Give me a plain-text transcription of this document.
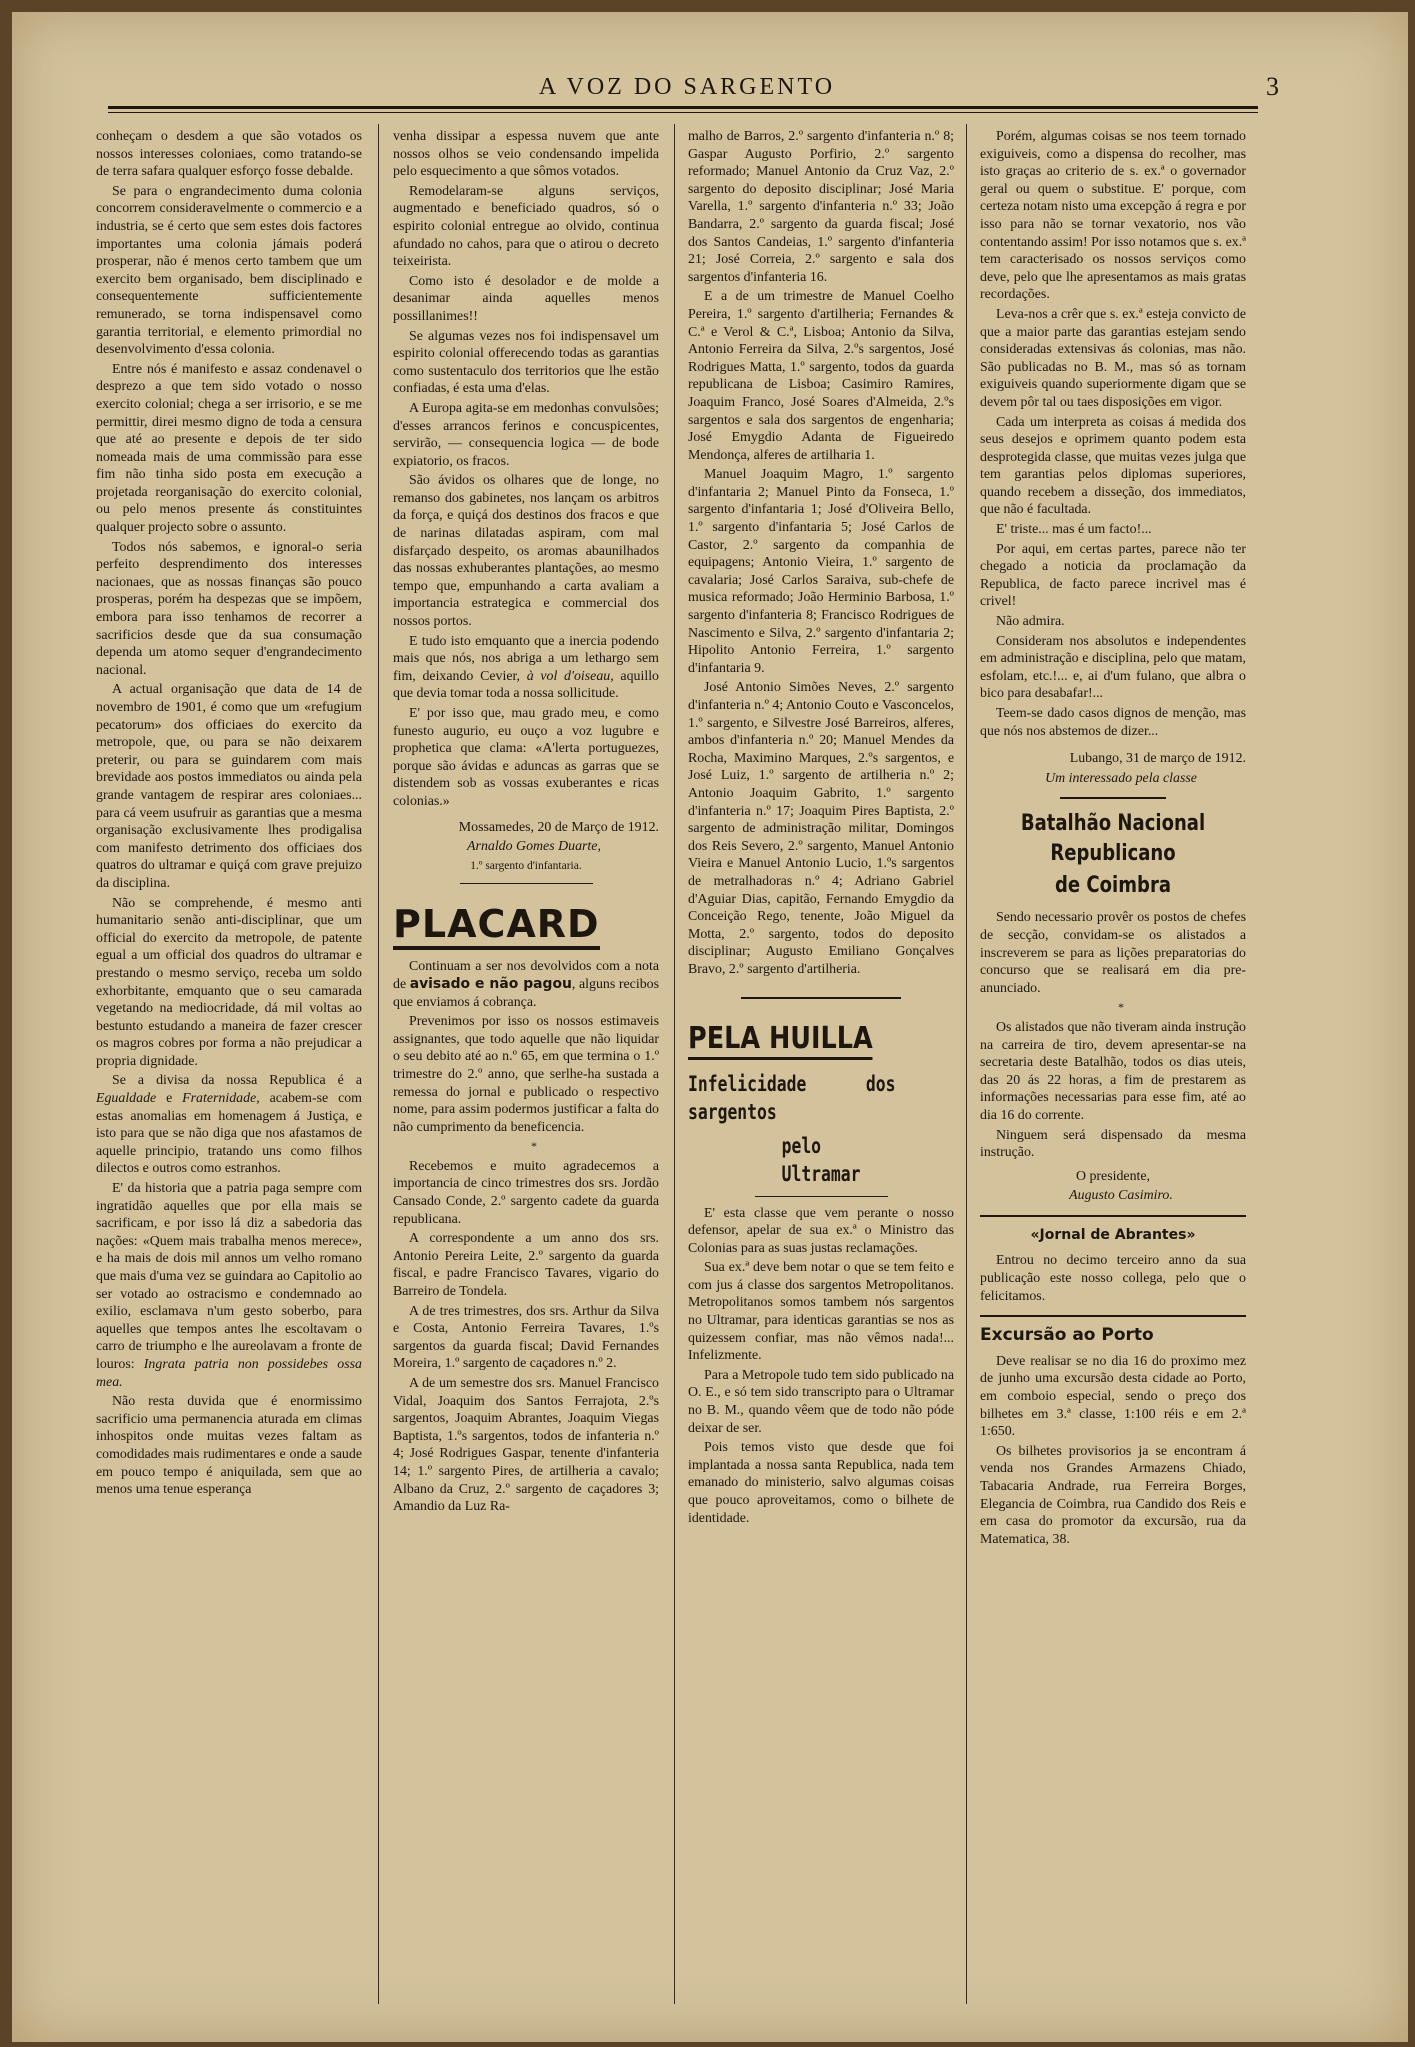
A VOZ DO SARGENTO	3

conheçam o desdem a que são votados os nossos interesses coloniaes, como tratando-se de terra safara qualquer esforço fosse debalde.

Se para o engrandecimento duma colonia concorrem consideravelmente o commercio e a industria, se é certo que sem estes dois factores importantes uma colonia jámais poderá prosperar, não é menos certo tambem que um exercito bem organisado, bem disciplinado e consequentemente sufficientemente remunerado, se torna indispensavel como garantia territorial, e elemento primordial no desenvolvimento d'essa colonia.

Entre nós é manifesto e assaz condenavel o desprezo a que tem sido votado o nosso exercito colonial; chega a ser irrisorio, e se me permittir, direi mesmo digno de toda a censura que até ao presente e depois de ter sido nomeada mais de uma commissão para esse fim não tinha sido posta em execução a projetada reorganisação do exercito colonial, ou pelo menos presente ás constituintes qualquer projecto sobre o assunto.

Todos nós sabemos, e ignoral-o seria perfeito desprendimento dos interesses nacionaes, que as nossas finanças são pouco prosperas, porém ha despezas que se impõem, embora para isso tenhamos de recorrer a sacrificios desde que da sua consumação dependa um atomo sequer d'engrandecimento nacional.

A actual organisação que data de 14 de novembro de 1901, é como que um «refugium pecatorum» dos officiaes do exercito da metropole, que, ou para se não deixarem preterir, ou para se guindarem com mais brevidade aos postos immediatos ou ainda pela grande vantagem de respirar ares coloniaes... para cá veem usufruir as garantias que a mesma organisação exclusivamente lhes prodigalisa com manifesto detrimento dos officiaes dos quatros do ultramar e quiçá com grave prejuizo da disciplina.

Não se comprehende, é mesmo anti humanitario senão anti-disciplinar, que um official do exercito da metropole, de patente egual a um official dos quadros do ultramar e prestando o mesmo serviço, receba um soldo exhorbitante, emquanto que o seu camarada vegetando na mediocridade, dá mil voltas ao bestunto estudando a maneira de fazer crescer os magros cobres por forma a não prejudicar a propria dignidade.

Se a divisa da nossa Republica é a Egualdade e Fraternidade, acabem-se com estas anomalias em homenagem á Justiça, e isto para que se não diga que nos afastamos de aquelle principio, tratando uns como filhos dilectos e outros como estranhos.

E' da historia que a patria paga sempre com ingratidão aquelles que por ella mais se sacrificam, e por isso lá diz a sabedoria das nações: «Quem mais trabalha menos merece», e ha mais de dois mil annos um velho romano que mais d'uma vez se guindara ao Capitolio ao ser votado ao ostracismo e condemnado ao exilio, esclamava n'um gesto soberbo, para aquelles que tempos antes lhe escoltavam o carro de triumpho e lhe aureolavam a fronte de louros: Ingrata patria non possidebes ossa mea.

Não resta duvida que é enormissimo sacrificio uma permanencia aturada em climas inhospitos onde muitas vezes faltam as comodidades mais rudimentares e onde a saude em pouco tempo é aniquilada, sem que ao menos uma tenue esperança

venha dissipar a espessa nuvem que ante nossos olhos se veio condensando impelida pelo esquecimento a que sômos votados.

Remodelaram-se alguns serviços, augmentado e beneficiado quadros, só o espirito colonial entregue ao olvido, continua afundado no cahos, para que o atirou o decreto teixeirista.

Como isto é desolador e de molde a desanimar ainda aquelles menos possillanimes!!

Se algumas vezes nos foi indispensavel um espirito colonial offerecendo todas as garantias como sustentaculo dos territorios que lhe estão confiadas, é esta uma d'elas.

A Europa agita-se em medonhas convulsões; d'esses arrancos ferinos e concuspicentes, servirão, — consequencia logica — de bode expiatorio, os fracos.

São ávidos os olhares que de longe, no remanso dos gabinetes, nos lançam os arbitros da força, e quiçá dos destinos dos fracos e que de narinas dilatadas aspiram, com mal disfarçado despeito, os aromas abaunilhados das nossas exhuberantes plantações, ao mesmo tempo que, empunhando a carta avaliam a importancia estrategica e commercial dos nossos portos.

E tudo isto emquanto que a inercia podendo mais que nós, nos abriga a um lethargo sem fim, deixando Cevier, à vol d'oiseau, aquillo que devia tomar toda a nossa sollicitude.

E' por isso que, mau grado meu, e como funesto augurio, eu ouço a voz lugubre e prophetica que clama: «A'lerta portuguezes, porque são ávidas e aduncas as garras que se distendem sob as vossas exuberantes e ricas colonias.»

Mossamedes, 20 de Março de 1912.

Arnaldo Gomes Duarte,

1.º sargento d'infantaria.

PLACARD

Continuam a ser nos devolvidos com a nota de avisado e não pagou, alguns recibos que enviamos á cobrança.

Prevenimos por isso os nossos estimaveis assignantes, que todo aquelle que não liquidar o seu debito até ao n.º 65, em que termina o 1.º trimestre do 2.º anno, que serlhe-ha sustada a remessa do jornal e publicado o respectivo nome, para assim podermos justificar a falta do não cumprimento da beneficencia.

*

Recebemos e muito agradecemos a importancia de cinco trimestres dos srs. Jordão Cansado Conde, 2.º sargento cadete da guarda republicana.

A correspondente a um anno dos srs. Antonio Pereira Leite, 2.º sargento da guarda fiscal, e padre Francisco Tavares, vigario do Barreiro de Tondela.

A de tres trimestres, dos srs. Arthur da Silva e Costa, Antonio Ferreira Tavares, 1.ºs sargentos da guarda fiscal; David Fernandes Moreira, 1.º sargento de caçadores n.º 2.

A de um semestre dos srs. Manuel Francisco Vidal, Joaquim dos Santos Ferrajota, 2.ºs sargentos, Joaquim Abrantes, Joaquim Viegas Baptista, 1.ºs sargentos, todos de infanteria n.º 4; José Rodrigues Gaspar, tenente d'infanteria 14; 1.º sargento Pires, de artilheria a cavalo; Albano da Cruz, 2.º sargento de caçadores 3; Amandio da Luz Ra-

malho de Barros, 2.º sargento d'infanteria n.º 8; Gaspar Augusto Porfirio, 2.º sargento reformado; Manuel Antonio da Cruz Vaz, 2.º sargento do deposito disciplinar; José Maria Varella, 1.º sargento d'infanteria n.º 33; João Bandarra, 2.º sargento da guarda fiscal; José dos Santos Candeias, 1.º sargento d'infanteria 21; José Correia, 2.º sargento e sala dos sargentos d'infanteria 16.

E a de um trimestre de Manuel Coelho Pereira, 1.º sargento d'artilheria; Fernandes & C.ª e Verol & C.ª, Lisboa; Antonio da Silva, Antonio Ferreira da Silva, 2.ºs sargentos, José Rodrigues Matta, 1.º sargento, todos da guarda republicana de Lisboa; Casimiro Ramires, Joaquim Franco, José Soares d'Almeida, 2.ºs sargentos e sala dos sargentos de engenharia; José Emygdio Adanta de Figueiredo Mendonça, alferes de artilharia 1.

Manuel Joaquim Magro, 1.º sargento d'infantaria 2; Manuel Pinto da Fonseca, 1.º sargento d'infantaria 1; José d'Oliveira Bello, 1.º sargento d'infantaria 5; José Carlos de Castor, 2.º sargento da companhia de equipagens; Antonio Vieira, 1.º sargento de cavalaria; José Carlos Saraiva, sub-chefe de musica reformado; João Herminio Barbosa, 1.º sargento d'infanteria 8; Francisco Rodrigues de Nascimento e Silva, 2.º sargento d'infantaria 2; Hipolito Antonio Ferreira, 1.º sargento d'infantaria 9.

José Antonio Simões Neves, 2.º sargento d'infanteria n.º 4; Antonio Couto e Vasconcelos, 1.º sargento, e Silvestre José Barreiros, alferes, ambos d'infanteria n.º 20; Manuel Mendes da Rocha, Maximino Marques, 2.ºs sargentos, e José Luiz, 1.º sargento de artilheria n.º 2; Antonio Joaquim Gabrito, 1.º sargento d'infanteria n.º 17; Joaquim Pires Baptista, 2.º sargento de administração militar, Domingos dos Reis Severo, 2.º sargento, Manuel Antonio Vieira e Manuel Antonio Lucio, 1.ºs sargentos de metralhadoras n.º 4; Adriano Gabriel d'Aguiar Dias, capitão, Fernando Emygdio da Conceição Rego, tenente, João Miguel da Motta, 2.º sargento, todos do deposito disciplinar; Augusto Emiliano Gonçalves Bravo, 2.º sargento d'artilheria.

PELA HUILLA
Infelicidade dos sargentos
pelo Ultramar

E' esta classe que vem perante o nosso defensor, apelar de sua ex.ª o Ministro das Colonias para as suas justas reclamações.

Sua ex.ª deve bem notar o que se tem feito e com jus á classe dos sargentos Metropolitanos. Metropolitanos somos tambem nós sargentos no Ultramar, para identicas garantias se nos as quizessem confiar, mas não vêmos nada!... Infelizmente.

Para a Metropole tudo tem sido publicado na O. E., e só tem sido transcripto para o Ultramar no B. M., quando vêem que de todo não póde deixar de ser.

Pois temos visto que desde que foi implantada a nossa santa Republica, nada tem emanado do ministerio, salvo algumas coisas que pouco aproveitamos, como o bilhete de identidade.

Porém, algumas coisas se nos teem tornado exiguiveis, como a dispensa do recolher, mas isto graças ao criterio de s. ex.ª o governador geral ou quem o substitue. E' porque, com certeza notam nisto uma excepção á regra e por isso para não se tornar vexatorio, nos vão contentando assim! Por isso notamos que s. ex.ª tem caracterisado os nossos serviços como deve, pelo que lhe apresentamos as mais gratas recordações.

Leva-nos a crêr que s. ex.ª esteja convicto de que a maior parte das garantias estejam sendo consideradas extensivas ás colonias, mas não. São publicadas no B. M., mas só as tornam exiguiveis quando superiormente digam que se devem pôr tal ou taes disposições em vigor.

Cada um interpreta as coisas á medida dos seus desejos e oprimem quanto podem esta desprotegida classe, que muitas vezes julga que tem garantias pelos diplomas superiores, quando recebem a disseção, dos immediatos, que não é facultada.

E' triste... mas é um facto!...

Por aqui, em certas partes, parece não ter chegado a noticia da proclamação da Republica, de facto parece incrivel mas é crivel!

Não admira.

Consideram nos absolutos e independentes em administração e disciplina, pelo que matam, esfolam, etc.!... e, ai d'um fulano, que albra o bico para desabafar!...

Teem-se dado casos dignos de menção, mas que nós nos abstemos de dizer...

Lubango, 31 de março de 1912.

Um interessado pela classe

Batalhão Nacional Republicano
de Coimbra

Sendo necessario provêr os postos de chefes de secção, convidam-se os alistados a inscreverem se para as lições preparatorias do concurso que se realisará em dia pre-anunciado.

*

Os alistados que não tiveram ainda instrução na carreira de tiro, devem apresentar-se na secretaria deste Batalhão, todos os dias uteis, das 20 ás 22 horas, a fim de prestarem as informações necessarias para esse fim, até ao dia 16 do corrente.

Ninguem será dispensado da mesma instrução.

O presidente,

Augusto Casimiro.

«Jornal de Abrantes»

Entrou no decimo terceiro anno da sua publicação este nosso collega, pelo que o felicitamos.

Excursão ao Porto

Deve realisar se no dia 16 do proximo mez de junho uma excursão desta cidade ao Porto, em comboio especial, sendo o preço dos bilhetes em 3.ª classe, 1:100 réis e em 2.ª 1:650.

Os bilhetes provisorios ja se encontram á venda nos Grandes Armazens Chiado, Tabacaria Andrade, rua Ferreira Borges, Elegancia de Coimbra, rua Candido dos Reis e em casa do promotor da excursão, rua da Matematica, 38.
